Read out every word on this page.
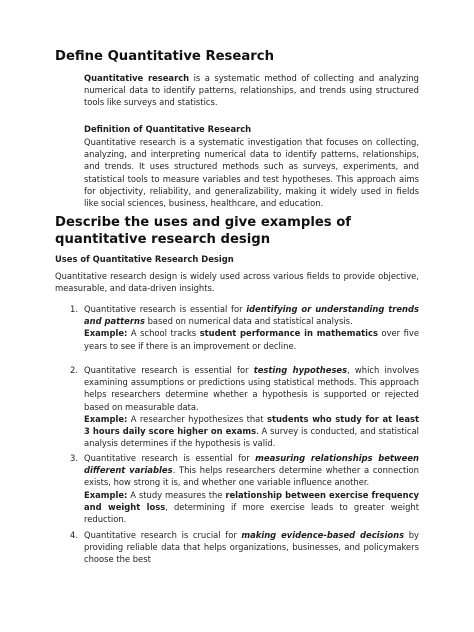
Define Quantitative Research
Quantitative research is a systematic method of collecting and analyzing numerical data to identify patterns, relationships, and trends using structured tools like surveys and statistics.
Definition of Quantitative Research
Quantitative research is a systematic investigation that focuses on collecting, analyzing, and interpreting numerical data to identify patterns, relationships, and trends. It uses structured methods such as surveys, experiments, and statistical tools to measure variables and test hypotheses. This approach aims for objectivity, reliability, and generalizability, making it widely used in fields like social sciences, business, healthcare, and education.
Describe the uses and give examples of quantitative research design
Uses of Quantitative Research Design
Quantitative research design is widely used across various fields to provide objective, measurable, and data-driven insights.
1. Quantitative research is essential for identifying or understanding trends and patterns based on numerical data and statistical analysis.
Example: A school tracks student performance in mathematics over five years to see if there is an improvement or decline.
2. Quantitative research is essential for testing hypotheses, which involves examining assumptions or predictions using statistical methods. This approach helps researchers determine whether a hypothesis is supported or rejected based on measurable data.
Example: A researcher hypothesizes that students who study for at least 3 hours daily score higher on exams. A survey is conducted, and statistical analysis determines if the hypothesis is valid.
3. Quantitative research is essential for measuring relationships between different variables. This helps researchers determine whether a connection exists, how strong it is, and whether one variable influence another.
Example: A study measures the relationship between exercise frequency and weight loss, determining if more exercise leads to greater weight reduction.
4. Quantitative research is crucial for making evidence-based decisions by providing reliable data that helps organizations, businesses, and policymakers choose the best
